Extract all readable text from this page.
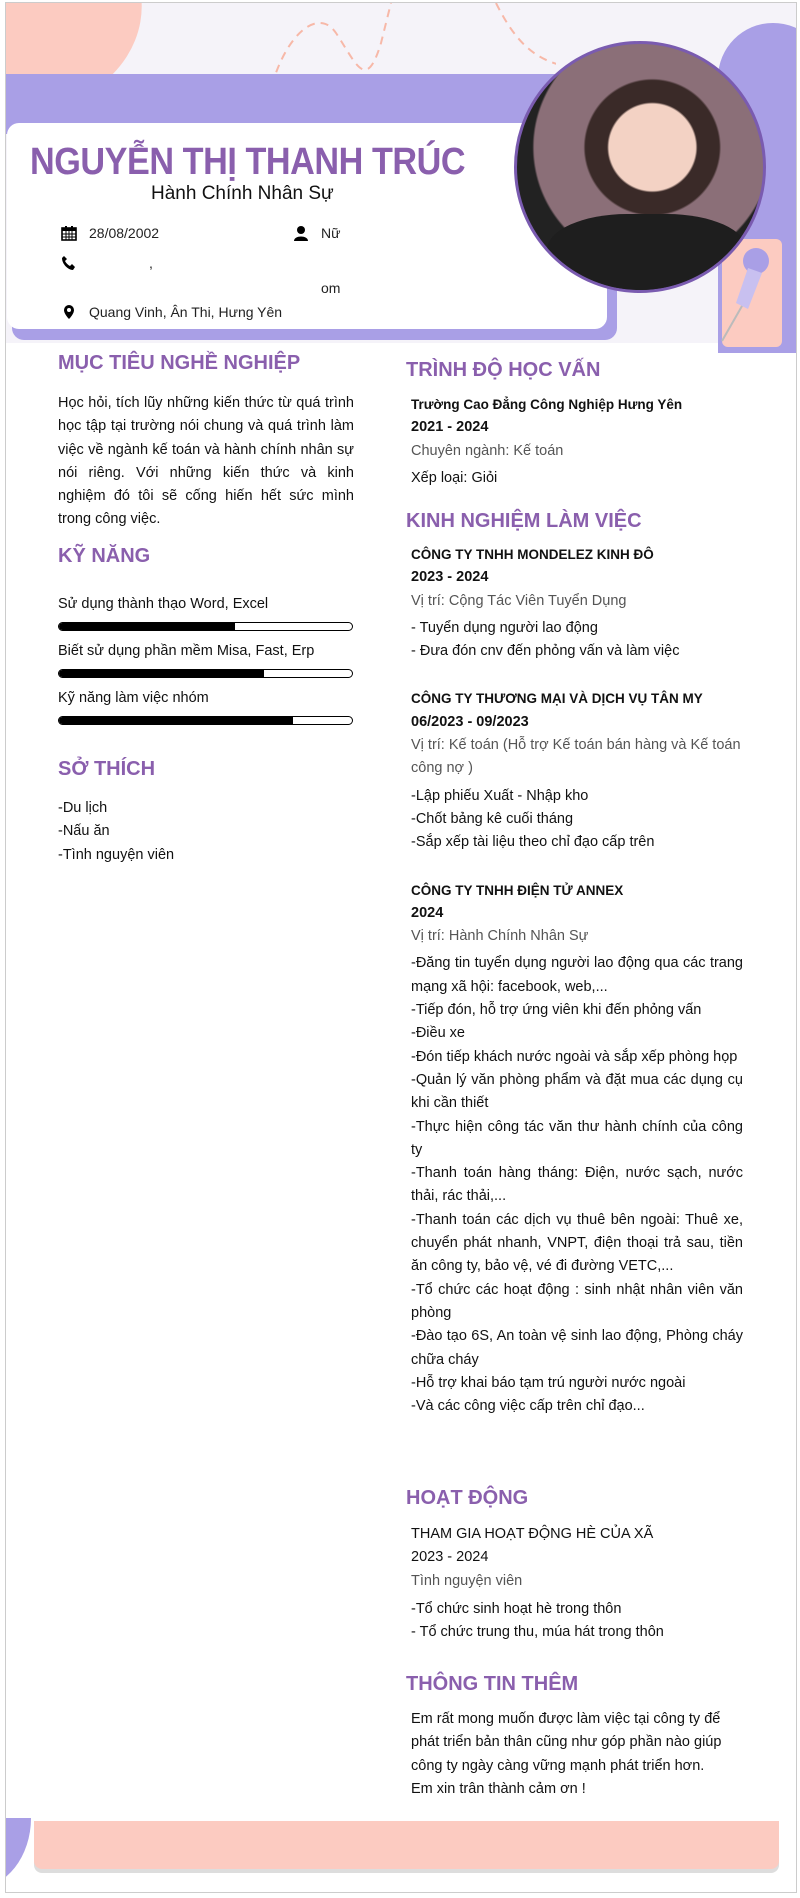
NGUYỄN THỊ THANH TRÚC
Hành Chính Nhân Sự
28/08/2002	Nữ
,
om
Quang Vinh, Ân Thi, Hưng Yên
MỤC TIÊU NGHỀ NGHIỆP
Học hỏi, tích lũy những kiến thức từ quá trình học tập tại trường nói chung và quá trình làm việc về ngành kế toán và hành chính nhân sự nói riêng. Với những kiến thức và kinh nghiệm đó tôi sẽ cống hiến hết sức mình trong công việc.
KỸ NĂNG
Sử dụng thành thạo Word, Excel
Biết sử dụng phần mềm Misa, Fast, Erp
Kỹ năng làm việc nhóm
SỞ THÍCH
-Du lịch
-Nấu ăn
-Tình nguyện viên
TRÌNH ĐỘ HỌC VẤN
Trường Cao Đẳng Công Nghiệp Hưng Yên
2021 - 2024
Chuyên ngành: Kế toán
Xếp loại: Giỏi
KINH NGHIỆM LÀM VIỆC
CÔNG TY TNHH MONDELEZ KINH ĐÔ
2023 - 2024
Vị trí: Cộng Tác Viên Tuyển Dụng
- Tuyển dụng người lao động
- Đưa đón cnv đến phỏng vấn và làm việc
CÔNG TY THƯƠNG MẠI VÀ DỊCH VỤ TÂN MY
06/2023 - 09/2023
Vị trí: Kế toán (Hỗ trợ Kế toán bán hàng và Kế toán công nợ )
-Lập phiếu Xuất - Nhập kho
-Chốt bảng kê cuối tháng
-Sắp xếp tài liệu theo chỉ đạo cấp trên
CÔNG TY TNHH ĐIỆN TỬ ANNEX
2024
Vị trí: Hành Chính Nhân Sự
-Đăng tin tuyển dụng người lao động qua các trang mạng xã hội: facebook, web,...
-Tiếp đón, hỗ trợ ứng viên khi đến phỏng vấn
-Điều xe
-Đón tiếp khách nước ngoài và sắp xếp phòng họp
-Quản lý văn phòng phẩm và đặt mua các dụng cụ khi cần thiết
-Thực hiện công tác văn thư hành chính của công ty
-Thanh toán hàng tháng: Điện, nước sạch, nước thải, rác thải,...
-Thanh toán các dịch vụ thuê bên ngoài: Thuê xe, chuyển phát nhanh, VNPT, điện thoại trả sau, tiền ăn công ty, bảo vệ, vé đi đường VETC,...
-Tổ chức các hoạt động : sinh nhật nhân viên văn phòng
-Đào tạo 6S, An toàn vệ sinh lao động, Phòng cháy chữa cháy
-Hỗ trợ khai báo tạm trú người nước ngoài
-Và các công việc cấp trên chỉ đạo...
HOẠT ĐỘNG
THAM GIA HOẠT ĐỘNG HÈ CỦA XÃ
2023 - 2024
Tình nguyện viên
-Tổ chức sinh hoạt hè trong thôn
- Tổ chức trung thu, múa hát trong thôn
THÔNG TIN THÊM
Em rất mong muốn được làm việc tại công ty để phát triển bản thân cũng như góp phần nào giúp công ty ngày càng vững mạnh phát triển hơn.
Em xin trân thành cảm ơn !
